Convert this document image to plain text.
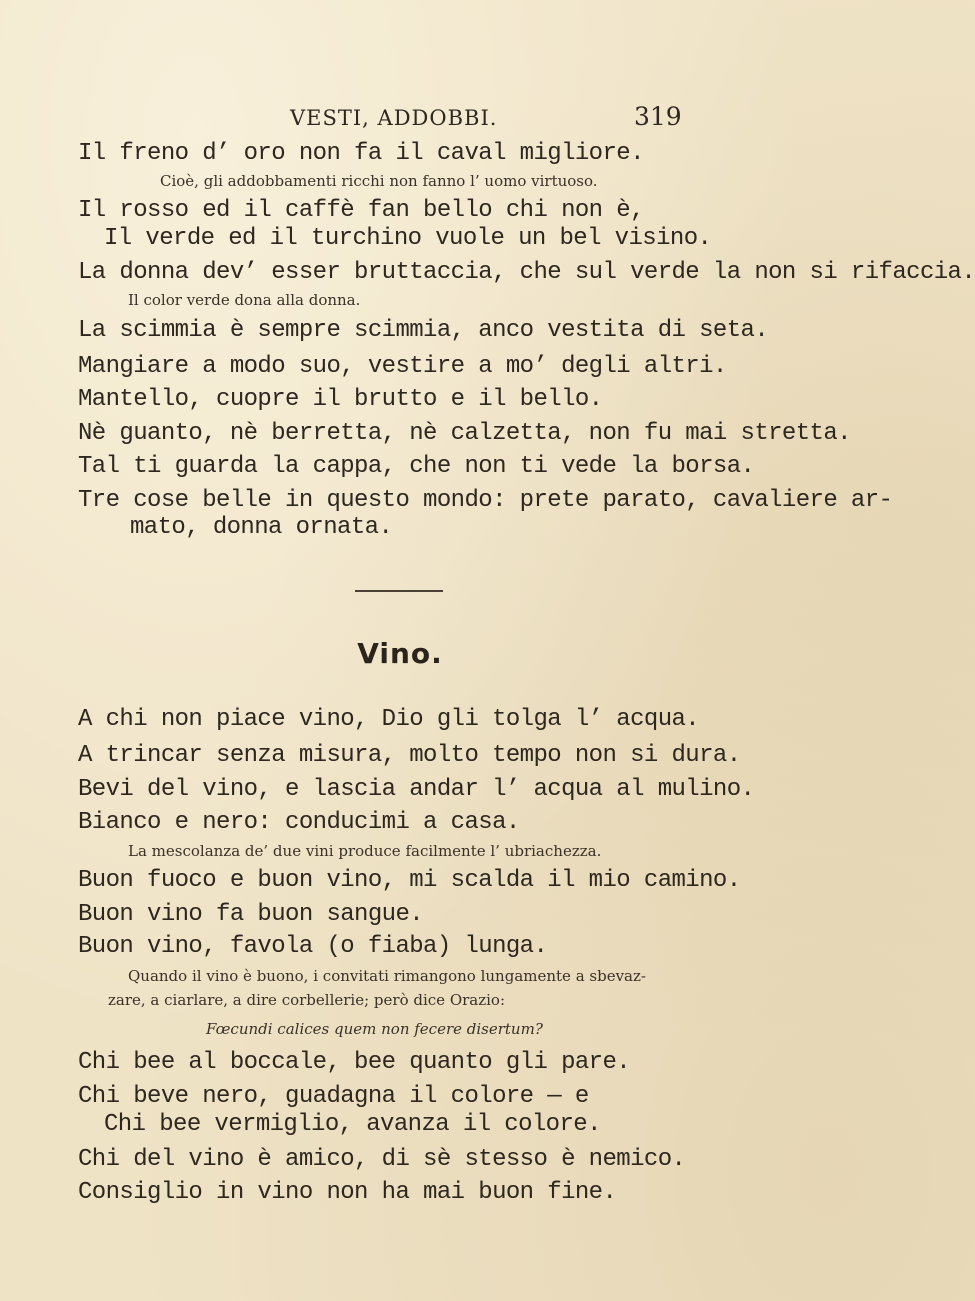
VESTI, ADDOBBI.	319
Il freno d’ oro non fa il caval migliore.
Cioè, gli addobbamenti ricchi non fanno l’ uomo virtuoso.
Il rosso ed il caffè fan bello chi non è,
Il verde ed il turchino vuole un bel visino.
La donna dev’ esser bruttaccia, che sul verde la non si rifaccia.
Il color verde dona alla donna.
La scimmia è sempre scimmia, anco vestita di seta.
Mangiare a modo suo, vestire a mo’ degli altri.
Mantello, cuopre il brutto e il bello.
Nè guanto, nè berretta, nè calzetta, non fu mai stretta.
Tal ti guarda la cappa, che non ti vede la borsa.
Tre cose belle in questo mondo: prete parato, cavaliere ar-
mato, donna ornata.
Vino.
A chi non piace vino, Dio gli tolga l’ acqua.
A trincar senza misura, molto tempo non si dura.
Bevi del vino, e lascia andar l’ acqua al mulino.
Bianco e nero: conducimi a casa.
La mescolanza de’ due vini produce facilmente l’ ubriachezza.
Buon fuoco e buon vino, mi scalda il mio camino.
Buon vino fa buon sangue.
Buon vino, favola (o fiaba) lunga.
Quando il vino è buono, i convitati rimangono lungamente a sbevaz-
zare, a ciarlare, a dire corbellerie; però dice Orazio:
Fœcundi calices quem non fecere disertum?
Chi bee al boccale, bee quanto gli pare.
Chi beve nero, guadagna il colore — e
Chi bee vermiglio, avanza il colore.
Chi del vino è amico, di sè stesso è nemico.
Consiglio in vino non ha mai buon fine.
